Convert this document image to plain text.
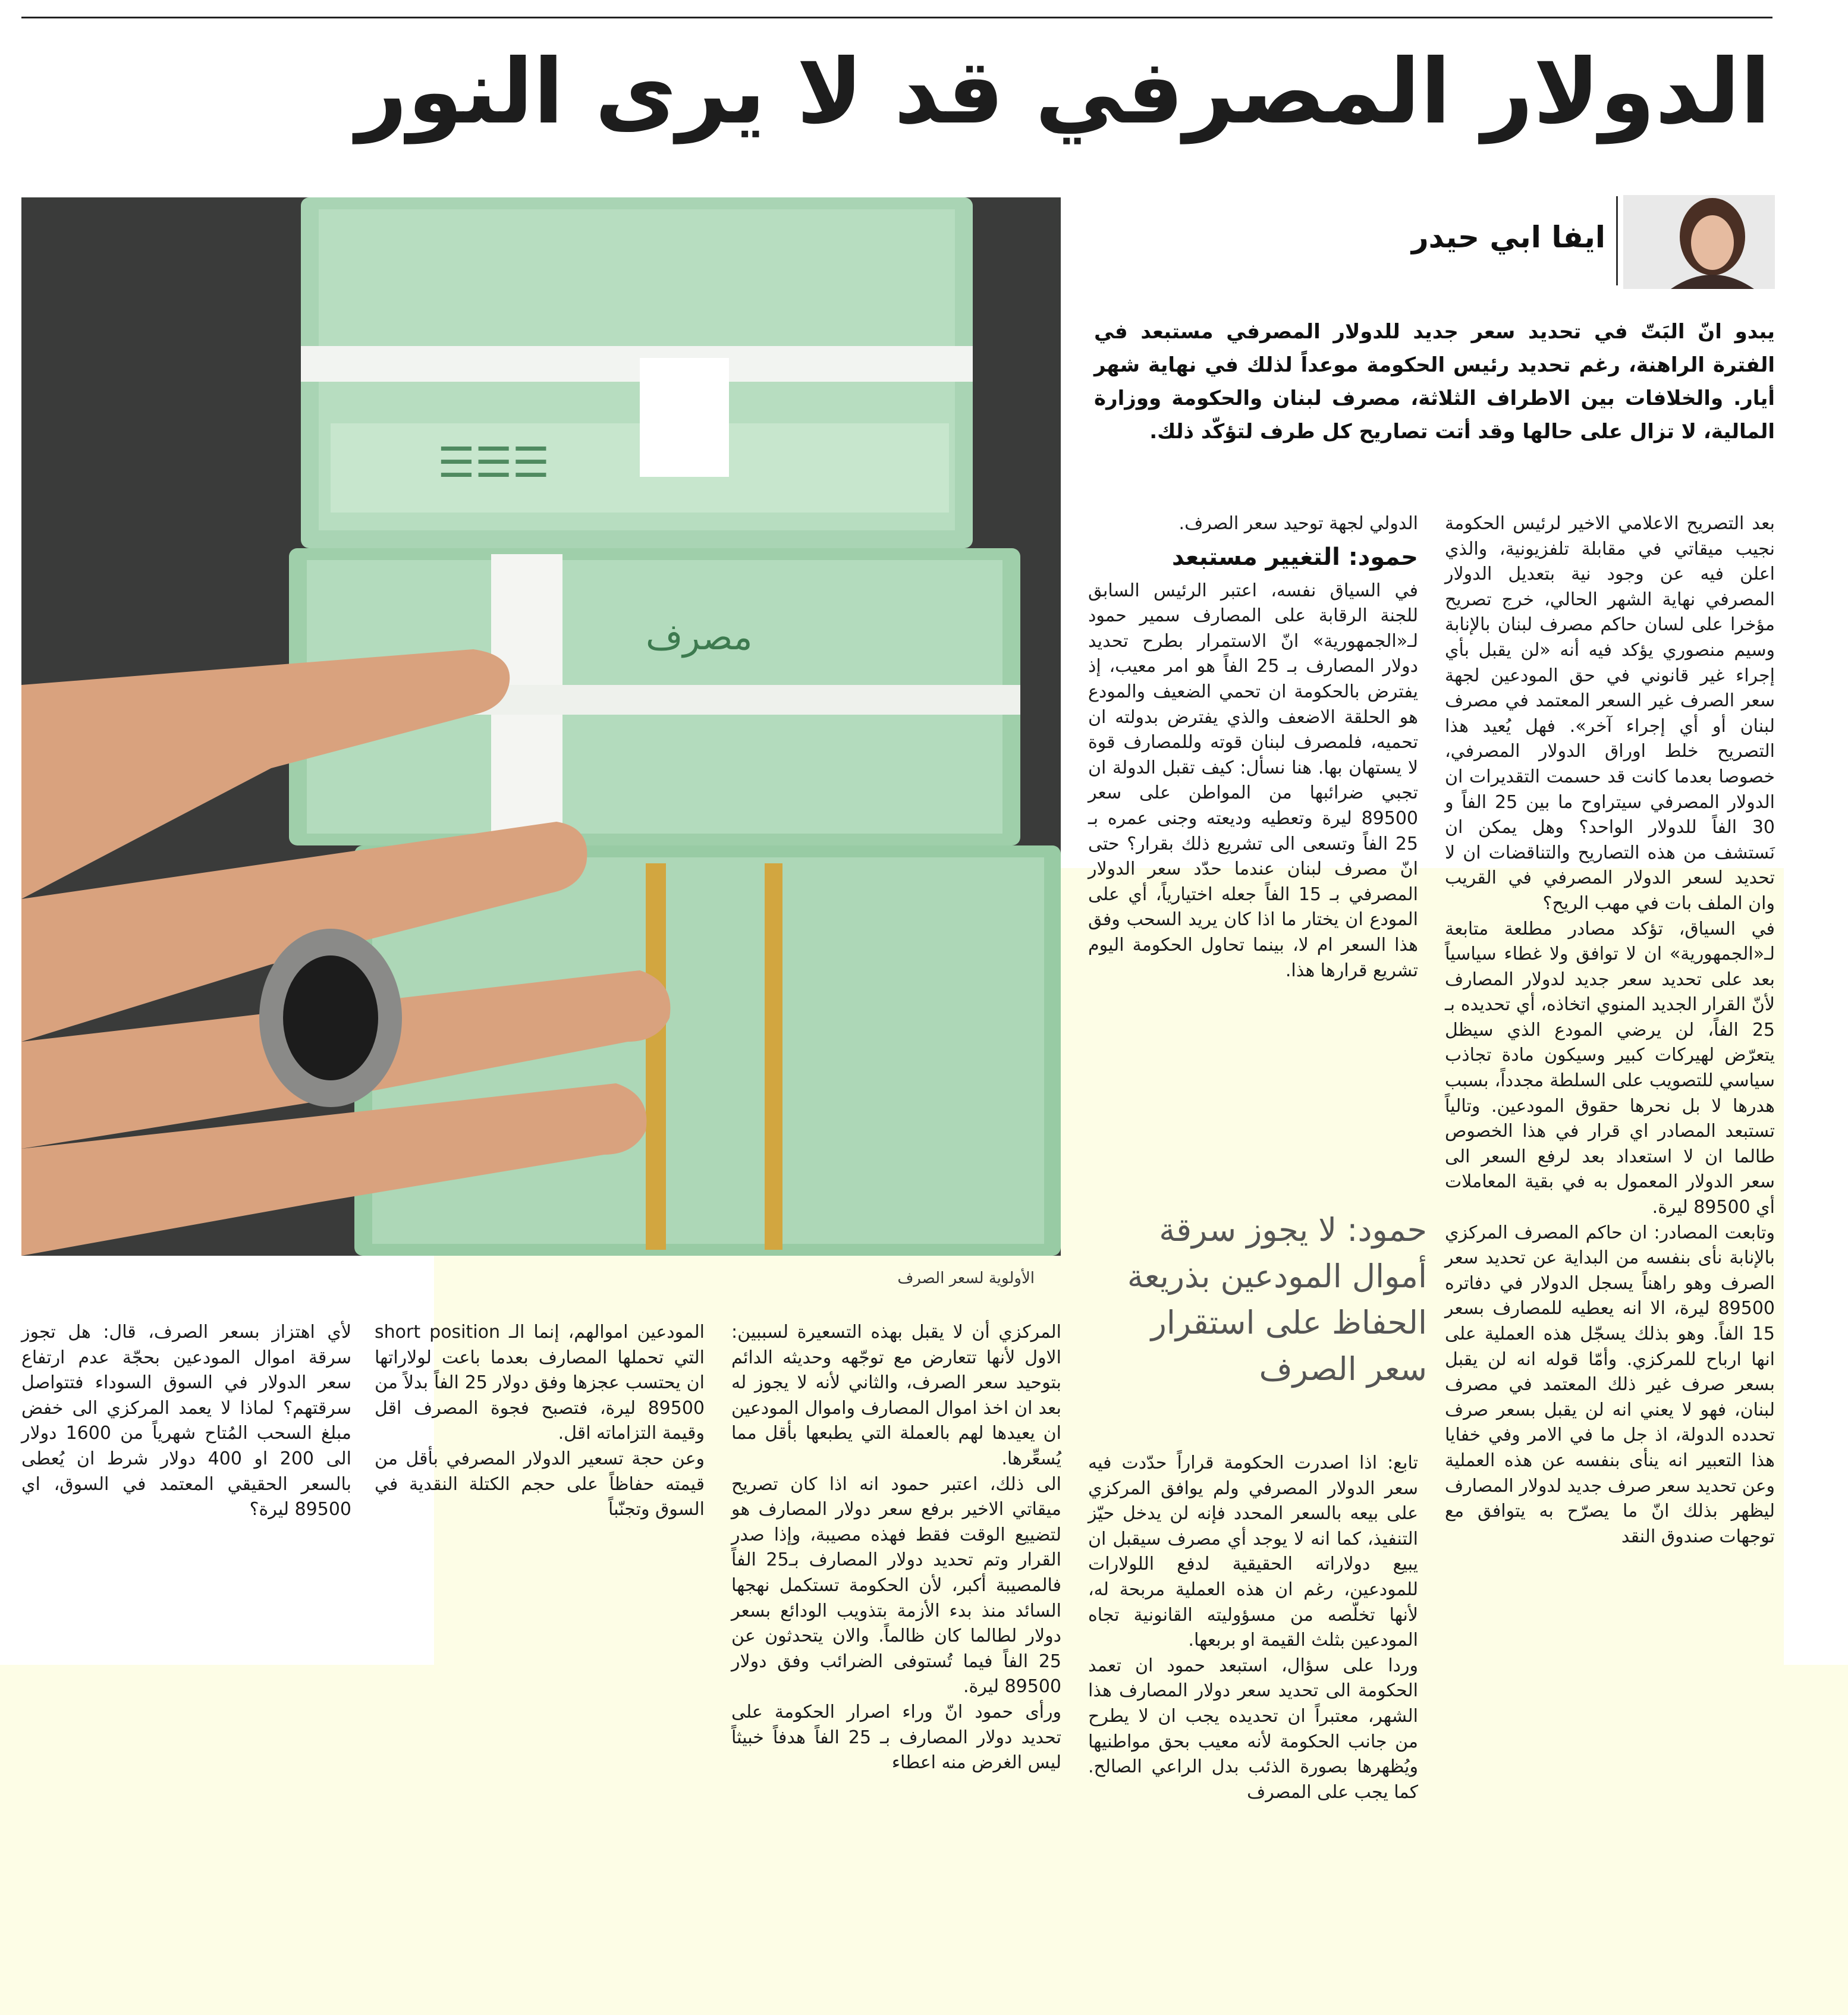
الدولار المصرفي قد لا يرى النور
☰☰☰
مصرف
الأولوية لسعر الصرف
ايفا ابي حيدر
يبدو انّ البَتّ في تحديد سعر جديد للدولار المصرفي مستبعد في الفترة الراهنة، رغم تحديد رئيس الحكومة موعداً لذلك في نهاية شهر أيار. والخلافات بين الاطراف الثلاثة، مصرف لبنان والحكومة ووزارة المالية، لا تزال على حالها وقد أتت تصاريح كل طرف لتؤكّد ذلك.

بعد التصريح الاعلامي الاخير لرئيس الحكومة نجيب ميقاتي في مقابلة تلفزيونية، والذي اعلن فيه عن وجود نية بتعديل الدولار المصرفي نهاية الشهر الحالي، خرج تصريح مؤخرا على لسان حاكم مصرف لبنان بالإنابة وسيم منصوري يؤكد فيه أنه «لن يقبل بأي إجراء غير قانوني في حق المودعين لجهة سعر الصرف غير السعر المعتمد في مصرف لبنان أو أي إجراء آخر». فهل يُعيد هذا التصريح خلط اوراق الدولار المصرفي، خصوصا بعدما كانت قد حسمت التقديرات ان الدولار المصرفي سيتراوح ما بين 25 الفاً و 30 الفاً للدولار الواحد؟ وهل يمكن ان نَستشف من هذه التصاريح والتناقضات ان لا تحديد لسعر الدولار المصرفي في القريب وان الملف بات في مهب الريح؟

في السياق، تؤكد مصادر مطلعة متابعة لـ«الجمهورية» ان لا توافق ولا غطاء سياسياً بعد على تحديد سعر جديد لدولار المصارف لأنّ القرار الجديد المنوي اتخاذه، أي تحديده بـ 25 الفاً، لن يرضي المودع الذي سيظل يتعرّض لهيركات كبير وسيكون مادة تجاذب سياسي للتصويب على السلطة مجدداً، بسبب هدرها لا بل نحرها حقوق المودعين. وتالياً تستبعد المصادر اي قرار في هذا الخصوص طالما ان لا استعداد بعد لرفع السعر الى سعر الدولار المعمول به في بقية المعاملات أي 89500 ليرة.

وتابعت المصادر: ان حاكم المصرف المركزي بالإنابة نأى بنفسه من البداية عن تحديد سعر الصرف وهو راهناً يسجل الدولار في دفاتره 89500 ليرة، الا انه يعطيه للمصارف بسعر 15 الفاً. وهو بذلك يسجّل هذه العملية على انها ارباح للمركزي. وأمّا قوله انه لن يقبل بسعر صرف غير ذلك المعتمد في مصرف لبنان، فهو لا يعني انه لن يقبل بسعر صرف تحدده الدولة، اذ جل ما في الامر وفي خفايا هذا التعبير انه ينأى بنفسه عن هذه العملية وعن تحديد سعر صرف جديد لدولار المصارف ليظهر بذلك انّ ما يصرّح به يتوافق مع توجهات صندوق النقد

الدولي لجهة توحيد سعر الصرف.

حمود: التغيير مستبعد

في السياق نفسه، اعتبر الرئيس السابق للجنة الرقابة على المصارف سمير حمود لـ«الجمهورية» انّ الاستمرار بطرح تحديد دولار المصارف بـ 25 الفاً هو امر معيب، إذ يفترض بالحكومة ان تحمي الضعيف والمودع هو الحلقة الاضعف والذي يفترض بدولته ان تحميه، فلمصرف لبنان قوته وللمصارف قوة لا يستهان بها. هنا نسأل: كيف تقبل الدولة ان تجبي ضرائبها من المواطن على سعر 89500 ليرة وتعطيه وديعته وجنى عمره بـ 25 الفاً وتسعى الى تشريع ذلك بقرار؟ حتى انّ مصرف لبنان عندما حدّد سعر الدولار المصرفي بـ 15 الفاً جعله اختيارياً، أي على المودع ان يختار ما اذا كان يريد السحب وفق هذا السعر ام لا، بينما تحاول الحكومة اليوم تشريع قرارها هذا.

حمود: لا يجوز سرقة أموال المودعين بذريعة الحفاظ على استقرار سعر الصرف

تابع: اذا اصدرت الحكومة قراراً حدّدت فيه سعر الدولار المصرفي ولم يوافق المركزي على بيعه بالسعر المحدد فإنه لن يدخل حيّز التنفيذ، كما انه لا يوجد أي مصرف سيقبل ان يبيع دولاراته الحقيقية لدفع اللولارات للمودعين، رغم ان هذه العملية مربحة له، لأنها تخلّصه من مسؤوليته القانونية تجاه المودعين بثلث القيمة او بربعها.

وردا على سؤال، استبعد حمود ان تعمد الحكومة الى تحديد سعر دولار المصارف هذا الشهر، معتبراً ان تحديده يجب ان لا يطرح من جانب الحكومة لأنه معيب بحق مواطنيها ويُظهرها بصورة الذئب بدل الراعي الصالح. كما يجب على المصرف

المركزي أن لا يقبل بهذه التسعيرة لسببين: الاول لأنها تتعارض مع توجّهه وحديثه الدائم بتوحيد سعر الصرف، والثاني لأنه لا يجوز له بعد ان اخذ اموال المصارف واموال المودعين ان يعيدها لهم بالعملة التي يطبعها بأقل مما يُسعِّرها.

الى ذلك، اعتبر حمود انه اذا كان تصريح ميقاتي الاخير برفع سعر دولار المصارف هو لتضييع الوقت فقط فهذه مصيبة، وإذا صدر القرار وتم تحديد دولار المصارف بـ25 الفاً فالمصيبة أكبر، لأن الحكومة تستكمل نهجها السائد منذ بدء الأزمة بتذويب الودائع بسعر دولار لطالما كان ظالماً. والان يتحدثون عن 25 الفاً فيما تُستوفى الضرائب وفق دولار 89500 ليرة.

ورأى حمود انّ وراء اصرار الحكومة على تحديد دولار المصارف بـ 25 الفاً هدفاً خبيثاً ليس الغرض منه اعطاء

المودعين اموالهم، إنما الـ short position التي تحملها المصارف بعدما باعت لولاراتها ان يحتسب عجزها وفق دولار 25 الفاً بدلاً من 89500 ليرة، فتصبح فجوة المصرف اقل وقيمة التزاماته اقل.

وعن حجة تسعير الدولار المصرفي بأقل من قيمته حفاظاً على حجم الكتلة النقدية في السوق وتجنّباً

لأي اهتزاز بسعر الصرف، قال: هل تجوز سرقة اموال المودعين بحجّة عدم ارتفاع سعر الدولار في السوق السوداء فتتواصل سرقتهم؟ لماذا لا يعمد المركزي الى خفض مبلغ السحب المُتاح شهرياً من 1600 دولار الى 200 او 400 دولار شرط ان يُعطى بالسعر الحقيقي المعتمد في السوق، اي 89500 ليرة؟
